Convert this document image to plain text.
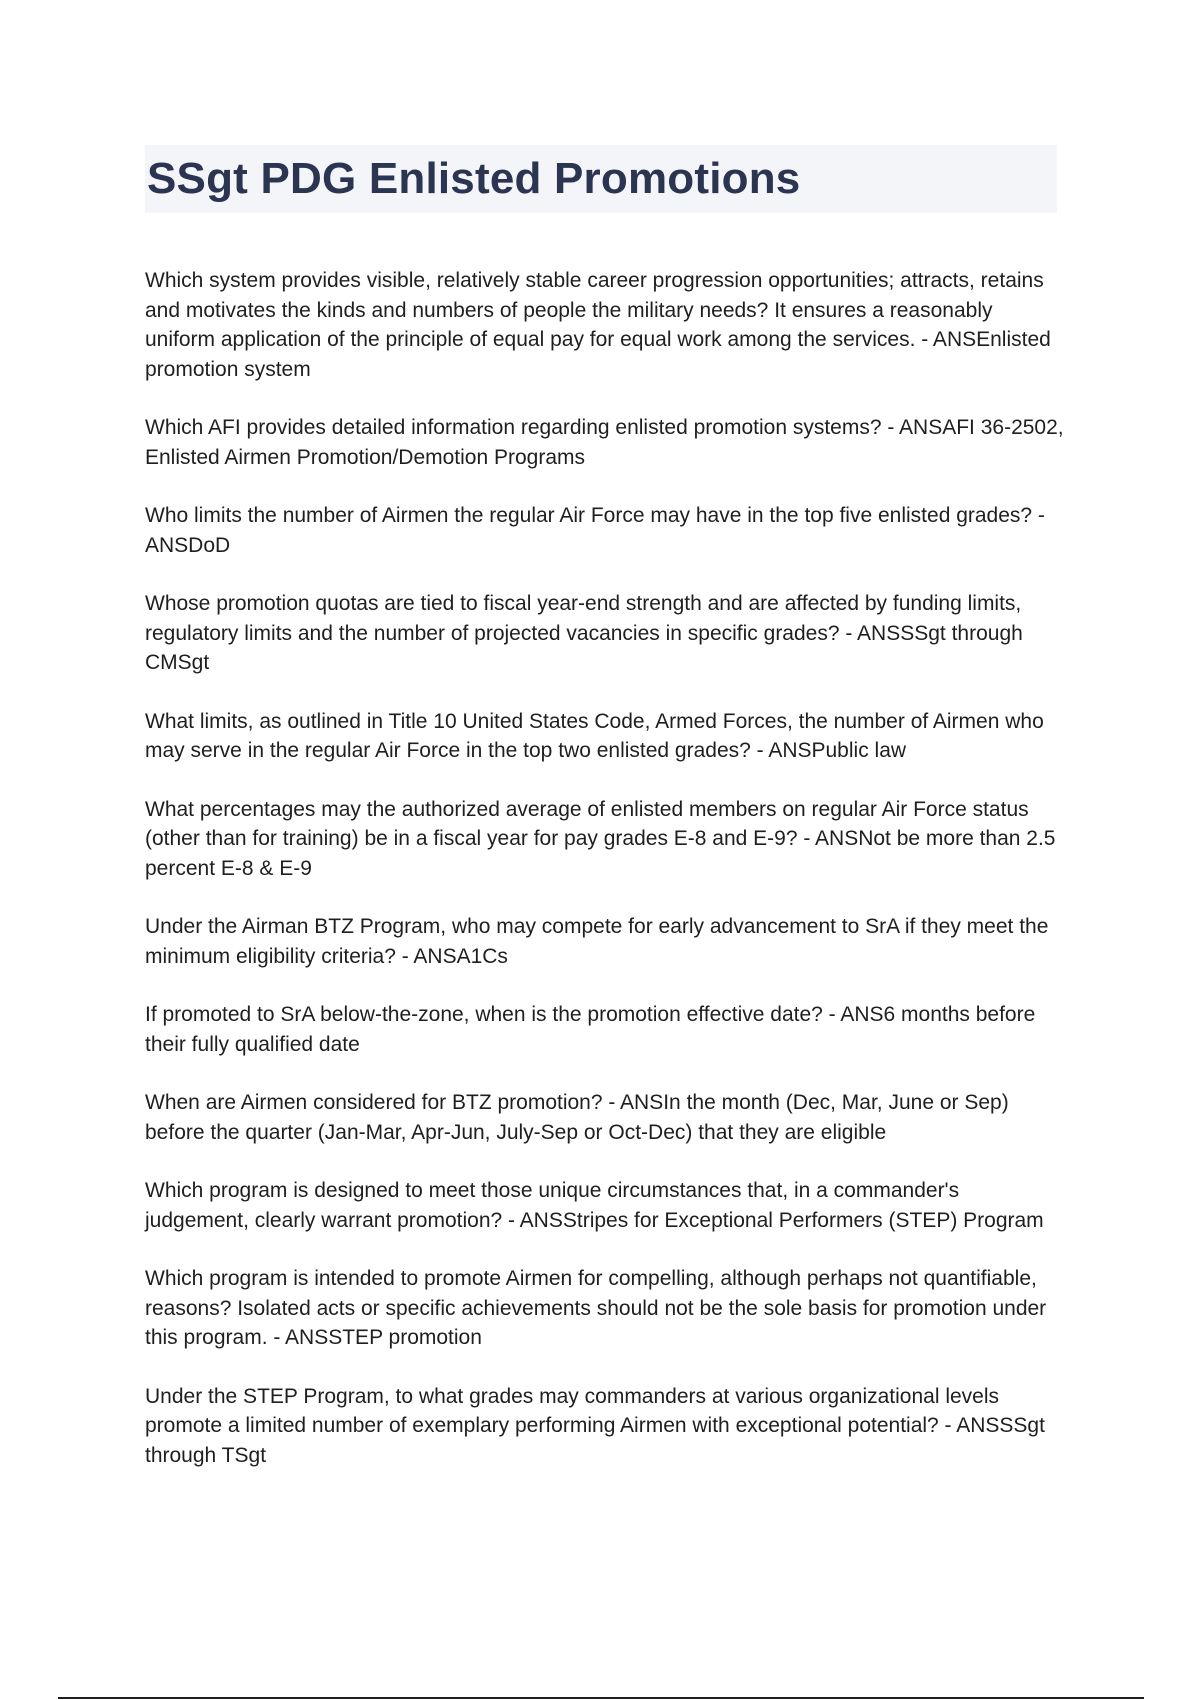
SSgt PDG Enlisted Promotions
Which system provides visible, relatively stable career progression opportunities; attracts, retains and motivates the kinds and numbers of people the military needs? It ensures a reasonably uniform application of the principle of equal pay for equal work among the services. - ANSEnlisted promotion system
Which AFI provides detailed information regarding enlisted promotion systems? - ANSAFI 36-2502, Enlisted Airmen Promotion/Demotion Programs
Who limits the number of Airmen the regular Air Force may have in the top five enlisted grades? - ANSDoD
Whose promotion quotas are tied to fiscal year-end strength and are affected by funding limits, regulatory limits and the number of projected vacancies in specific grades? - ANSSSgt through CMSgt
What limits, as outlined in Title 10 United States Code, Armed Forces, the number of Airmen who may serve in the regular Air Force in the top two enlisted grades? - ANSPublic law
What percentages may the authorized average of enlisted members on regular Air Force status (other than for training) be in a fiscal year for pay grades E-8 and E-9? - ANSNot be more than 2.5 percent E-8 & E-9
Under the Airman BTZ Program, who may compete for early advancement to SrA if they meet the minimum eligibility criteria? - ANSA1Cs
If promoted to SrA below-the-zone, when is the promotion effective date? - ANS6 months before their fully qualified date
When are Airmen considered for BTZ promotion? - ANSIn the month (Dec, Mar, June or Sep) before the quarter (Jan-Mar, Apr-Jun, July-Sep or Oct-Dec) that they are eligible
Which program is designed to meet those unique circumstances that, in a commander's judgement, clearly warrant promotion? - ANSStripes for Exceptional Performers (STEP) Program
Which program is intended to promote Airmen for compelling, although perhaps not quantifiable, reasons? Isolated acts or specific achievements should not be the sole basis for promotion under this program. - ANSSTEP promotion
Under the STEP Program, to what grades may commanders at various organizational levels promote a limited number of exemplary performing Airmen with exceptional potential? - ANSSSgt through TSgt
